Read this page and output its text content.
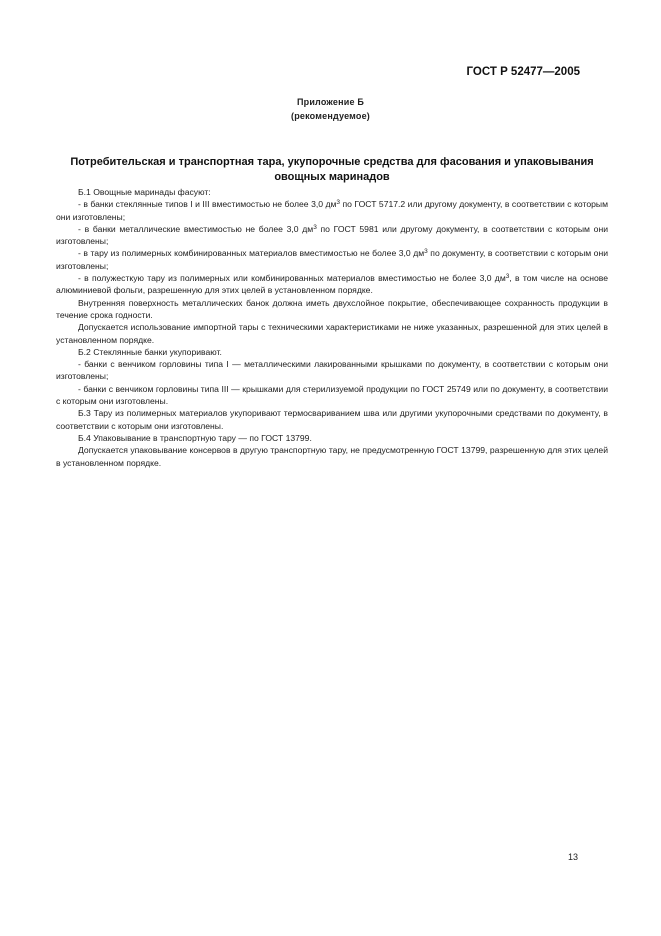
ГОСТ Р 52477—2005
Приложение Б
(рекомендуемое)
Потребительская и транспортная тара, укупорочные средства для фасования и упаковывания
овощных маринадов

Б.1 Овощные маринады фасуют:

- в банки стеклянные типов I и III вместимостью не более 3,0 $дм^3$ по ГОСТ 5717.2 или другому документу, в соответствии с которым они изготовлены;

- в банки металлические вместимостью не более 3,0 $дм^3$ по ГОСТ 5981 или другому документу, в соответствии с которым они изготовлены;

- в тару из полимерных комбинированных материалов вместимостью не более 3,0 $дм^3$ по документу, в соответствии с которым они изготовлены;

- в полужесткую тару из полимерных или комбинированных материалов вместимостью не более 3,0 $дм^3$, в том числе на основе алюминиевой фольги, разрешенную для этих целей в установленном порядке.

Внутренняя поверхность металлических банок должна иметь двухслойное покрытие, обеспечивающее сохранность продукции в течение срока годности.

Допускается использование импортной тары с техническими характеристиками не ниже указанных, разрешенной для этих целей в установленном порядке.

Б.2 Стеклянные банки укупоривают.

- банки с венчиком горловины типа I — металлическими лакированными крышками по документу, в соответствии с которым они изготовлены;

- банки с венчиком горловины типа III — крышками для стерилизуемой продукции по ГОСТ 25749 или по документу, в соответствии с которым они изготовлены.

Б.3 Тару из полимерных материалов укупоривают термосвариванием шва или другими укупорочными средствами по документу, в соответствии с которым они изготовлены.

Б.4 Упаковывание в транспортную тару — по ГОСТ 13799.

Допускается упаковывание консервов в другую транспортную тару, не предусмотренную ГОСТ 13799, разрешенную для этих целей в установленном порядке.

13
